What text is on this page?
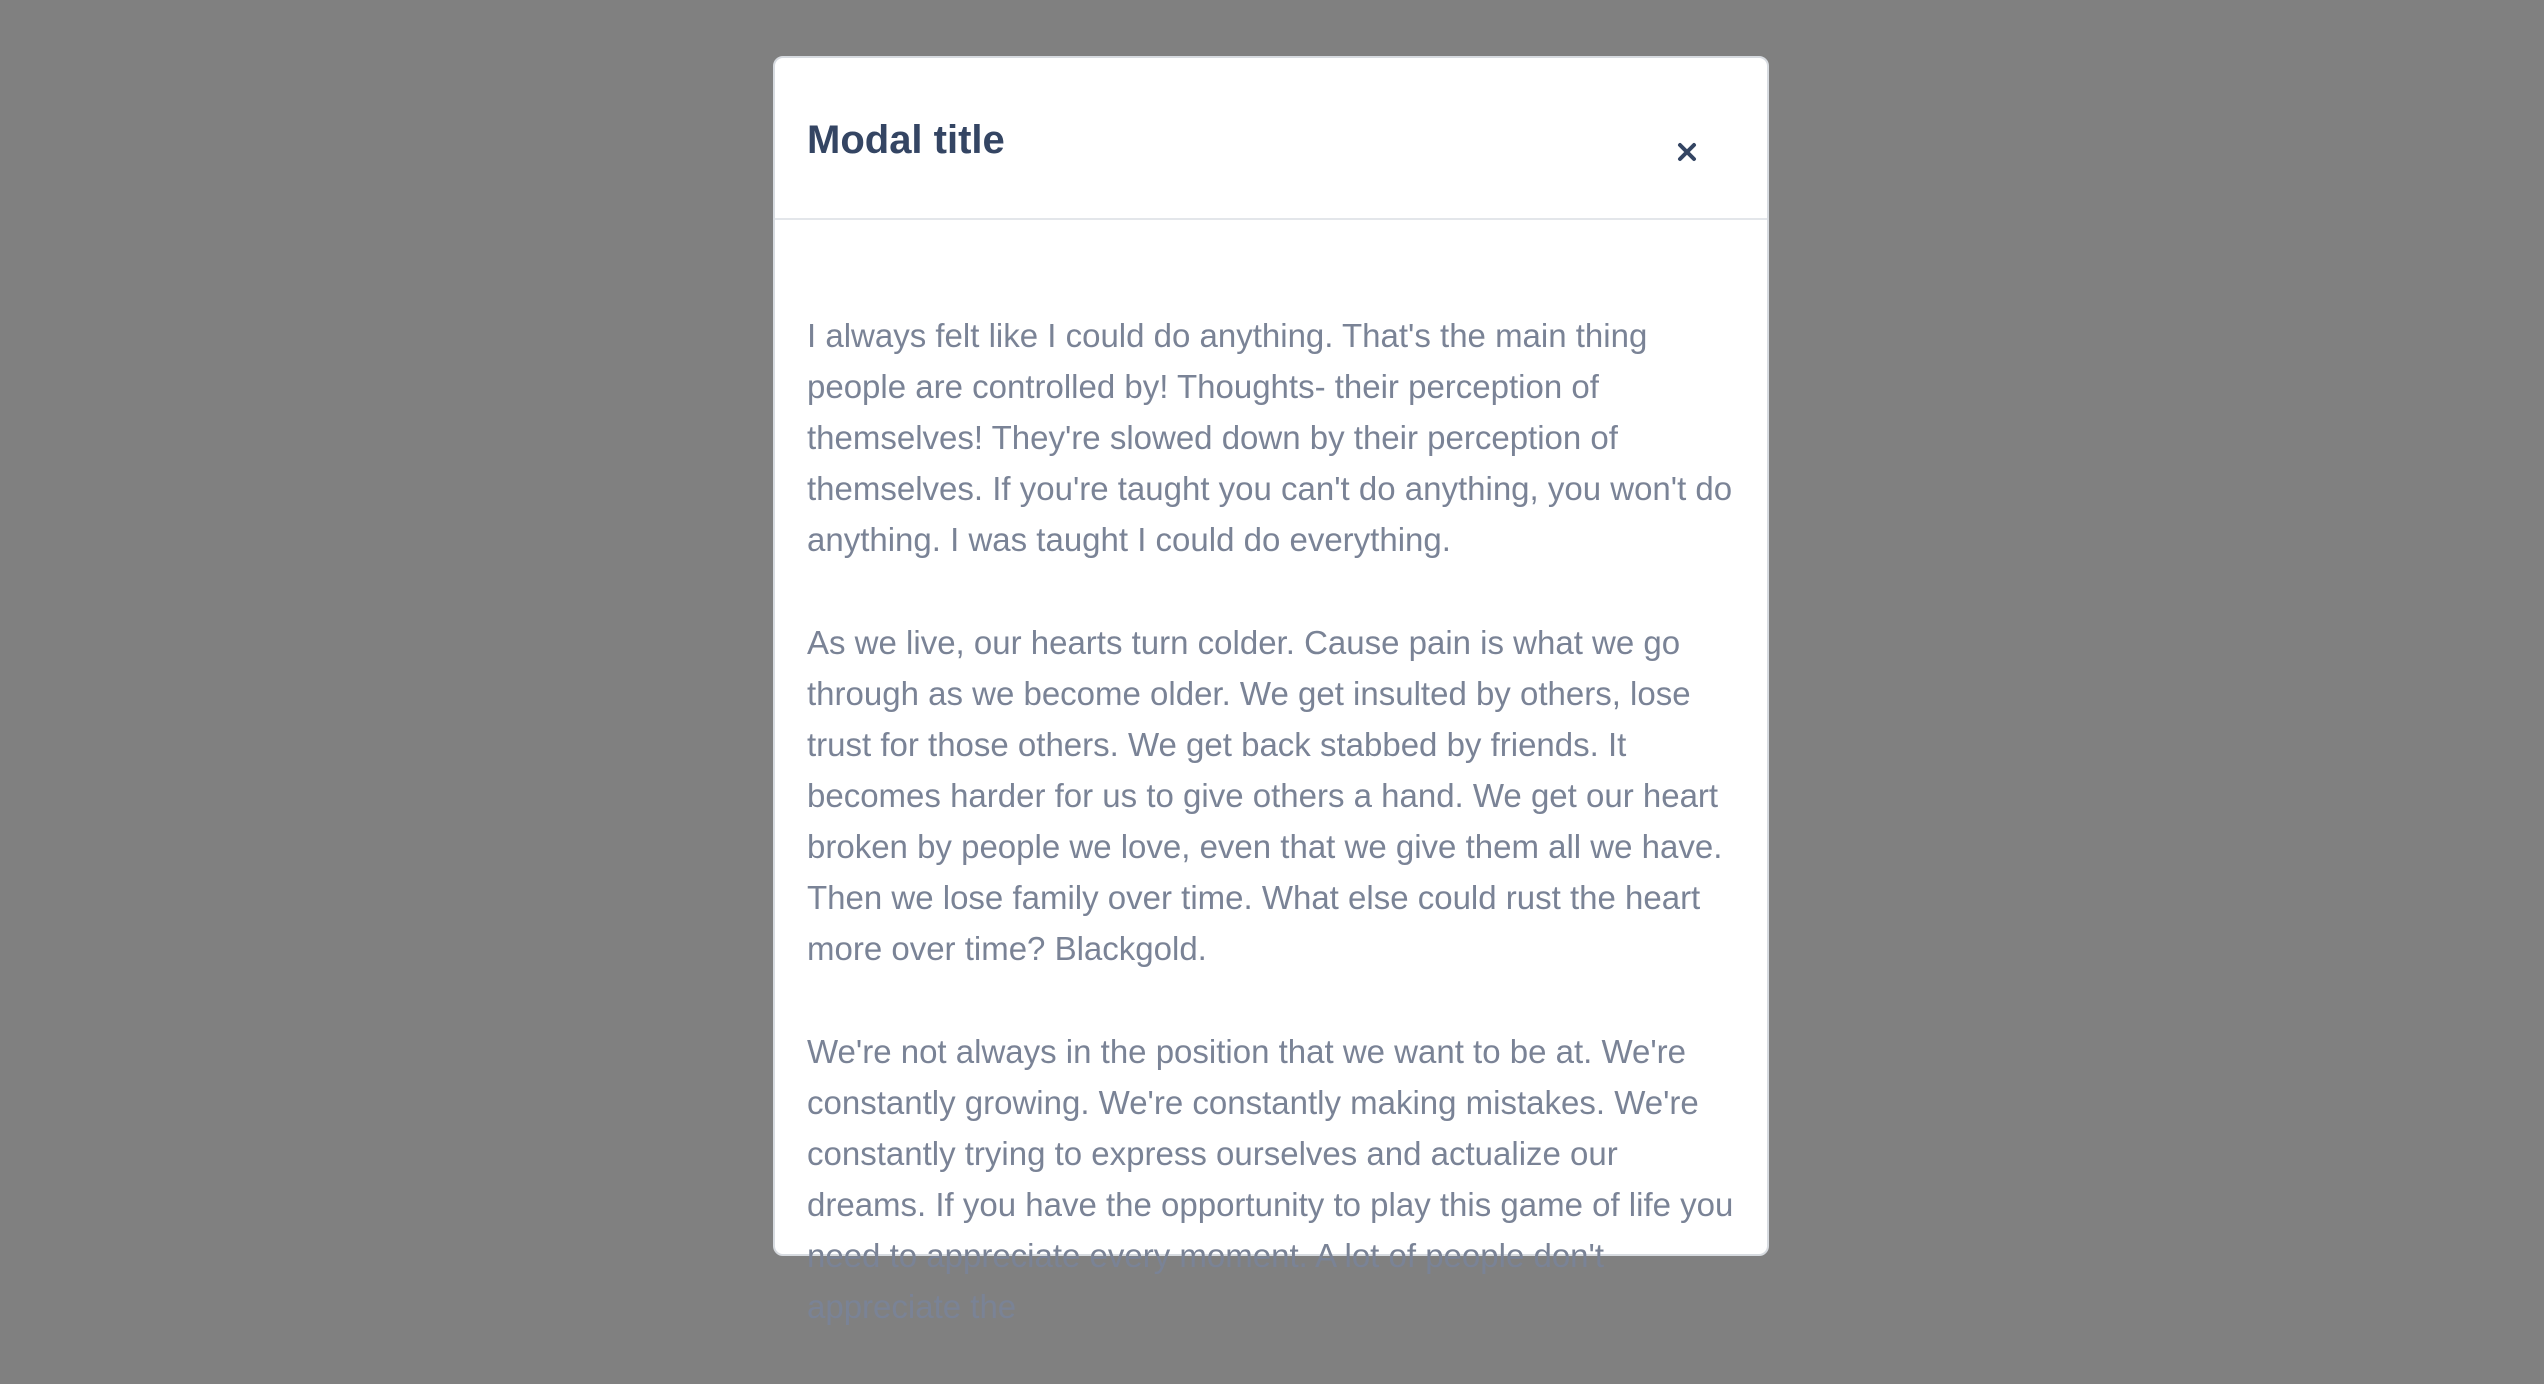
Modal title

I always felt like I could do anything. That's the main thing people are controlled by! Thoughts- their perception of themselves! They're slowed down by their perception of themselves. If you're taught you can't do anything, you won't do anything. I was taught I could do everything.

As we live, our hearts turn colder. Cause pain is what we go through as we become older. We get insulted by others, lose trust for those others. We get back stabbed by friends. It becomes harder for us to give others a hand. We get our heart broken by people we love, even that we give them all we have. Then we lose family over time. What else could rust the heart more over time? Blackgold.

We're not always in the position that we want to be at. We're constantly growing. We're constantly making mistakes. We're constantly trying to express ourselves and actualize our dreams. If you have the opportunity to play this game of life you need to appreciate every moment. A lot of people don't appreciate the
